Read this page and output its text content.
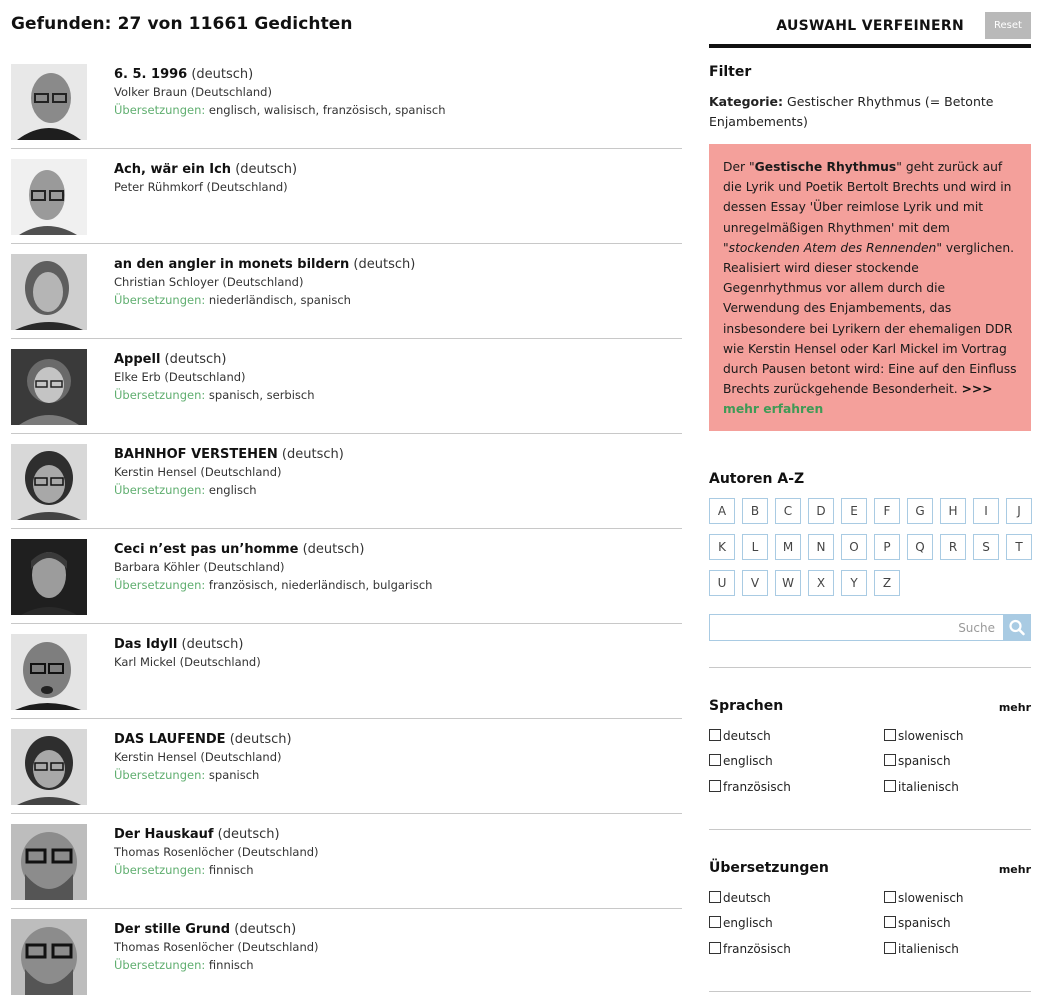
Gefunden: 27 von 11661 Gedichten
6. 5. 1996 (deutsch)
Volker Braun (Deutschland)
Übersetzungen: englisch, walisisch, französisch, spanisch
Ach, wär ein Ich (deutsch)
Peter Rühmkorf (Deutschland)
an den angler in monets bildern (deutsch)
Christian Schloyer (Deutschland)
Übersetzungen: niederländisch, spanisch
Appell (deutsch)
Elke Erb (Deutschland)
Übersetzungen: spanisch, serbisch
BAHNHOF VERSTEHEN (deutsch)
Kerstin Hensel (Deutschland)
Übersetzungen: englisch
Ceci n’est pas un’homme (deutsch)
Barbara Köhler (Deutschland)
Übersetzungen: französisch, niederländisch, bulgarisch
Das Idyll (deutsch)
Karl Mickel (Deutschland)
DAS LAUFENDE (deutsch)
Kerstin Hensel (Deutschland)
Übersetzungen: spanisch
Der Hauskauf (deutsch)
Thomas Rosenlöcher (Deutschland)
Übersetzungen: finnisch
Der stille Grund (deutsch)
Thomas Rosenlöcher (Deutschland)
Übersetzungen: finnisch
AUSWAHL VERFEINERN	Reset
Filter
Kategorie: Gestischer Rhythmus (= Betonte Enjambements)
Der "Gestische Rhythmus" geht zurück auf die Lyrik und Poetik Bertolt Brechts und wird in dessen Essay 'Über reimlose Lyrik und mit unregelmäßigen Rhythmen' mit dem "stockenden Atem des Rennenden" verglichen. Realisiert wird dieser stockende Gegenrhythmus vor allem durch die Verwendung des Enjambements, das insbesondere bei Lyrikern der ehemaligen DDR wie Kerstin Hensel oder Karl Mickel im Vortrag durch Pausen betont wird: Eine auf den Einfluss Brechts zurückgehende Besonderheit. >>> mehr erfahren
Autoren A-Z
A	B	C	D	E	F	G	H	I	J
K	L	M	N	O	P	Q	R	S	T
U	V	W	X	Y	Z
Suche
Sprachen	mehr
deutsch	slowenisch
englisch	spanisch
französisch	italienisch
Übersetzungen	mehr
deutsch	slowenisch
englisch	spanisch
französisch	italienisch
